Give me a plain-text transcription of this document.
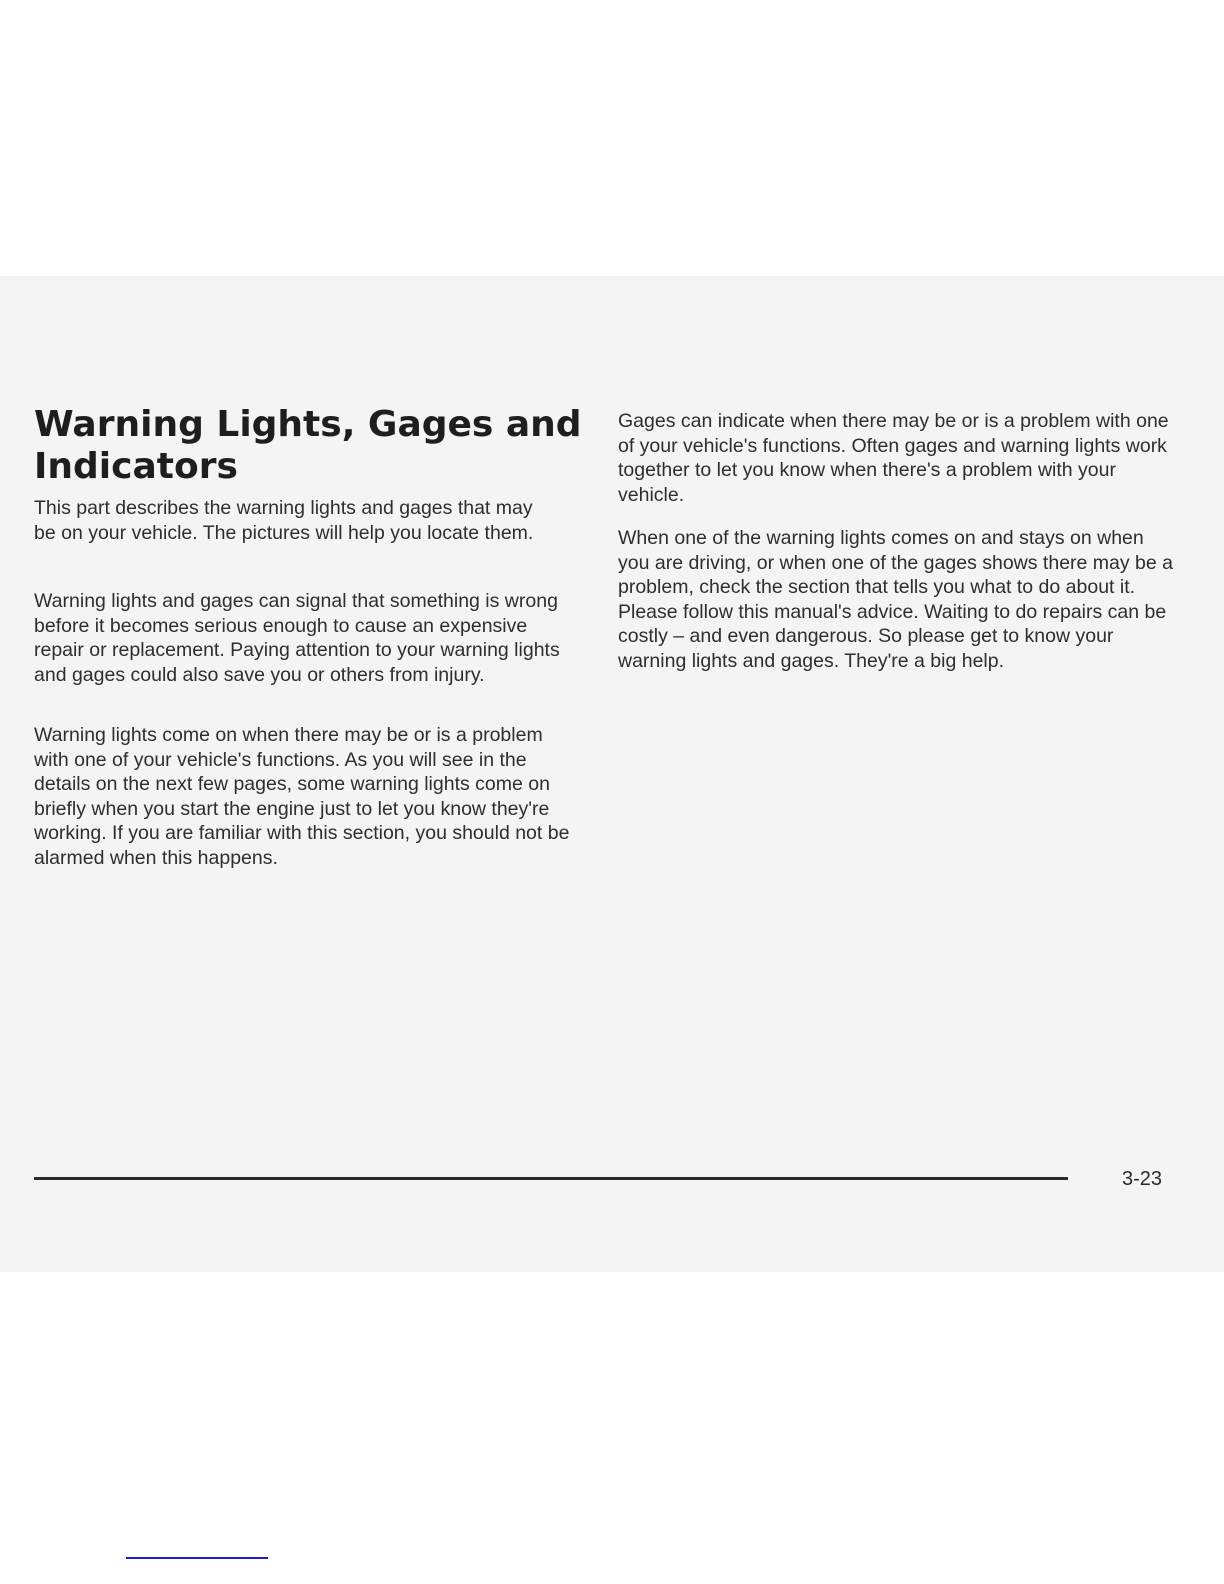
Warning Lights, Gages and Indicators

This part describes the warning lights and gages that may be on your vehicle. The pictures will help you locate them.

Warning lights and gages can signal that something is wrong before it becomes serious enough to cause an expensive repair or replacement. Paying attention to your warning lights and gages could also save you or others from injury.

Warning lights come on when there may be or is a problem with one of your vehicle's functions. As you will see in the details on the next few pages, some warning lights come on briefly when you start the engine just to let you know they're working. If you are familiar with this section, you should not be alarmed when this happens.

Gages can indicate when there may be or is a problem with one of your vehicle's functions. Often gages and warning lights work together to let you know when there's a problem with your vehicle.

When one of the warning lights comes on and stays on when you are driving, or when one of the gages shows there may be a problem, check the section that tells you what to do about it. Please follow this manual's advice. Waiting to do repairs can be costly – and even dangerous. So please get to know your warning lights and gages. They're a big help.

3-23
